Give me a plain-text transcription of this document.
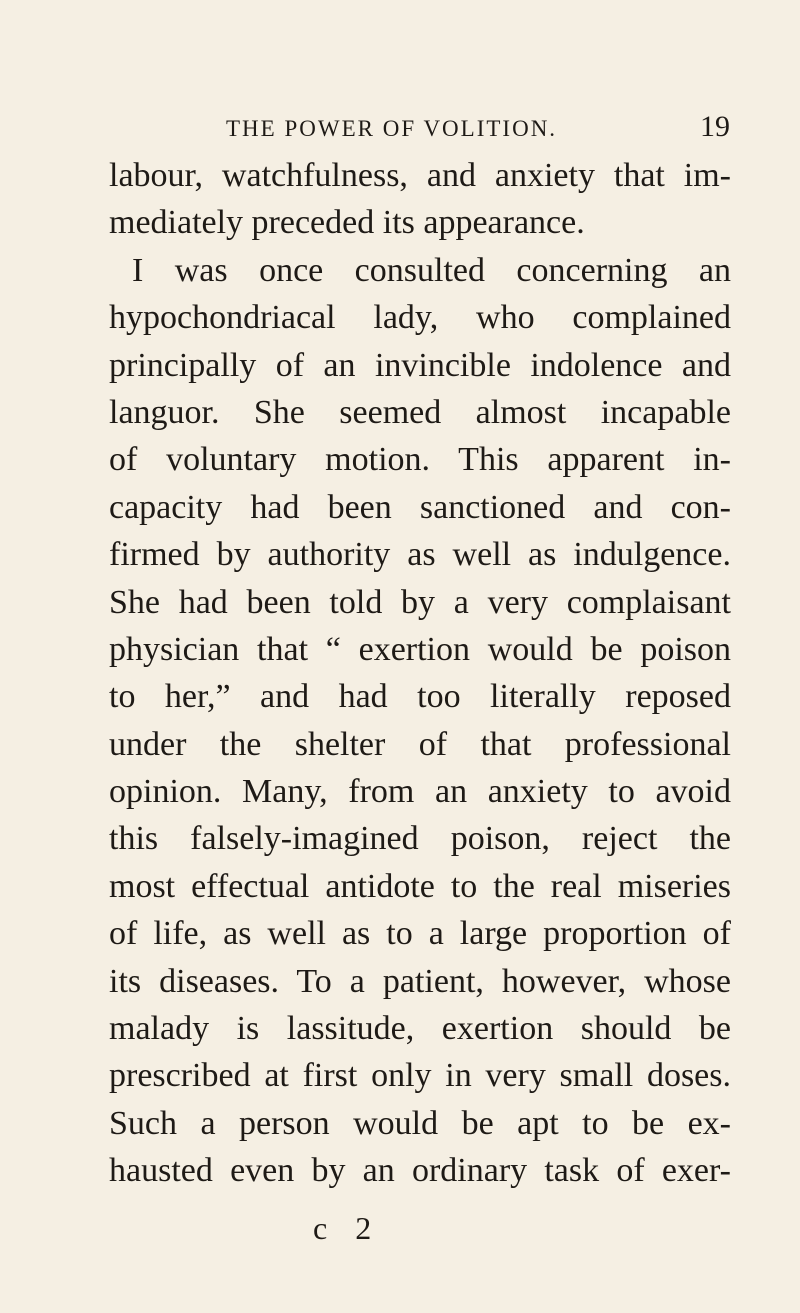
THE POWER OF VOLITION.	19
labour, watchfulness, and anxiety that im-
mediately preceded its appearance.
I was once consulted concerning an
hypochondriacal lady, who complained
principally of an invincible indolence and
languor. She seemed almost incapable
of voluntary motion. This apparent in-
capacity had been sanctioned and con-
firmed by authority as well as indulgence.
She had been told by a very complaisant
physician that “ exertion would be poison
to her,” and had too literally reposed
under the shelter of that professional
opinion. Many, from an anxiety to avoid
this falsely-imagined poison, reject the
most effectual antidote to the real miseries
of life, as well as to a large proportion of
its diseases. To a patient, however, whose
malady is lassitude, exertion should be
prescribed at first only in very small doses.
Such a person would be apt to be ex-
hausted even by an ordinary task of exer-
c 2
